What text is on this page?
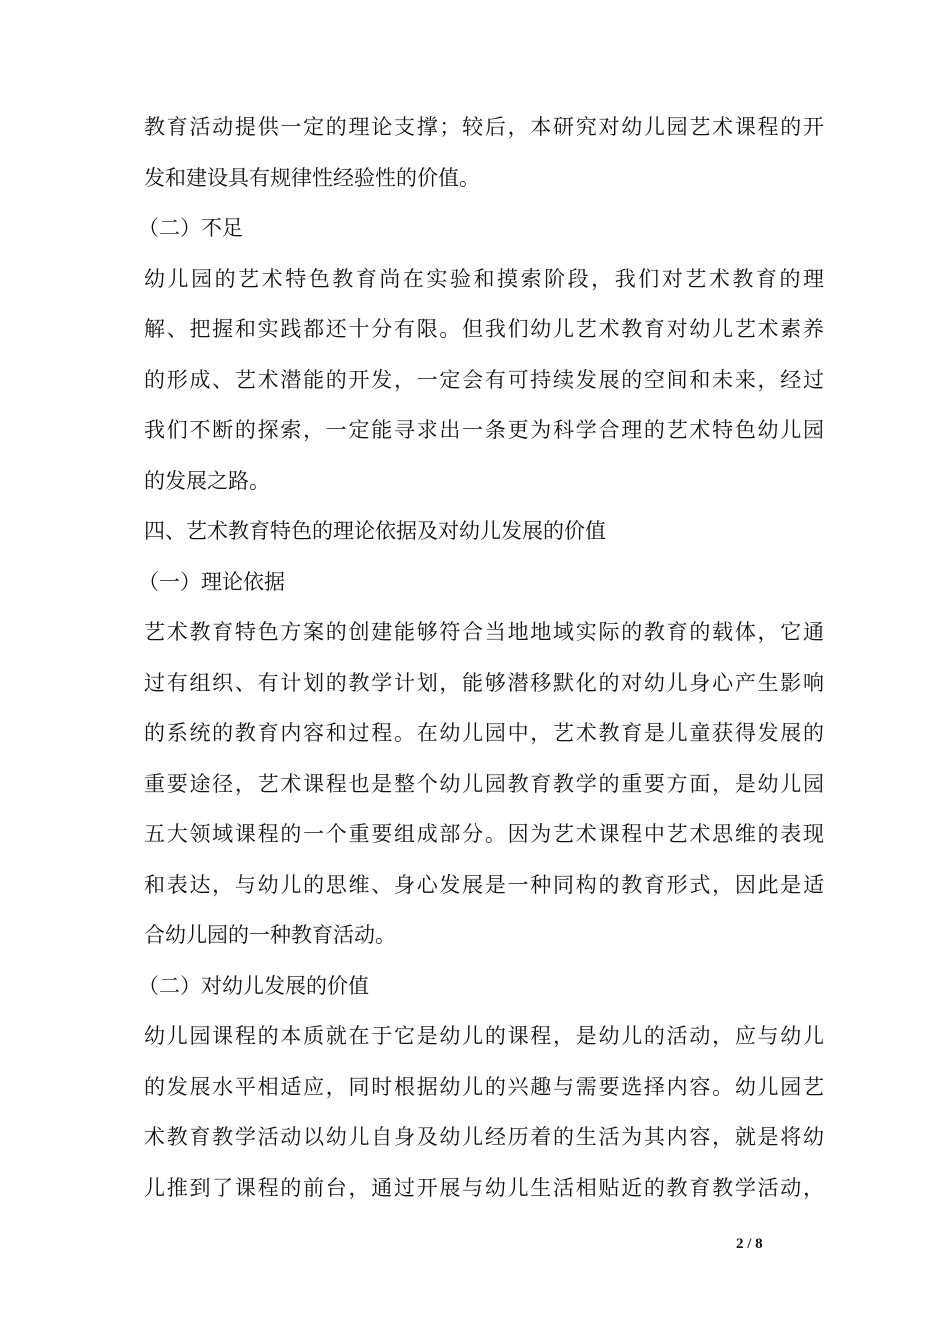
教育活动提供一定的理论支撑；较后，本研究对幼儿园艺术课程的开
发和建设具有规律性经验性的价值。
（二）不足
幼儿园的艺术特色教育尚在实验和摸索阶段，我们对艺术教育的理
解、把握和实践都还十分有限。但我们幼儿艺术教育对幼儿艺术素养
的形成、艺术潜能的开发，一定会有可持续发展的空间和未来，经过
我们不断的探索，一定能寻求出一条更为科学合理的艺术特色幼儿园
的发展之路。
四、艺术教育特色的理论依据及对幼儿发展的价值
（一）理论依据
艺术教育特色方案的创建能够符合当地地域实际的教育的载体，它通
过有组织、有计划的教学计划，能够潜移默化的对幼儿身心产生影响
的系统的教育内容和过程。在幼儿园中，艺术教育是儿童获得发展的
重要途径，艺术课程也是整个幼儿园教育教学的重要方面，是幼儿园
五大领域课程的一个重要组成部分。因为艺术课程中艺术思维的表现
和表达，与幼儿的思维、身心发展是一种同构的教育形式，因此是适
合幼儿园的一种教育活动。
（二）对幼儿发展的价值
幼儿园课程的本质就在于它是幼儿的课程，是幼儿的活动，应与幼儿
的发展水平相适应，同时根据幼儿的兴趣与需要选择内容。幼儿园艺
术教育教学活动以幼儿自身及幼儿经历着的生活为其内容，就是将幼
儿推到了课程的前台，通过开展与幼儿生活相贴近的教育教学活动，
2 / 8
